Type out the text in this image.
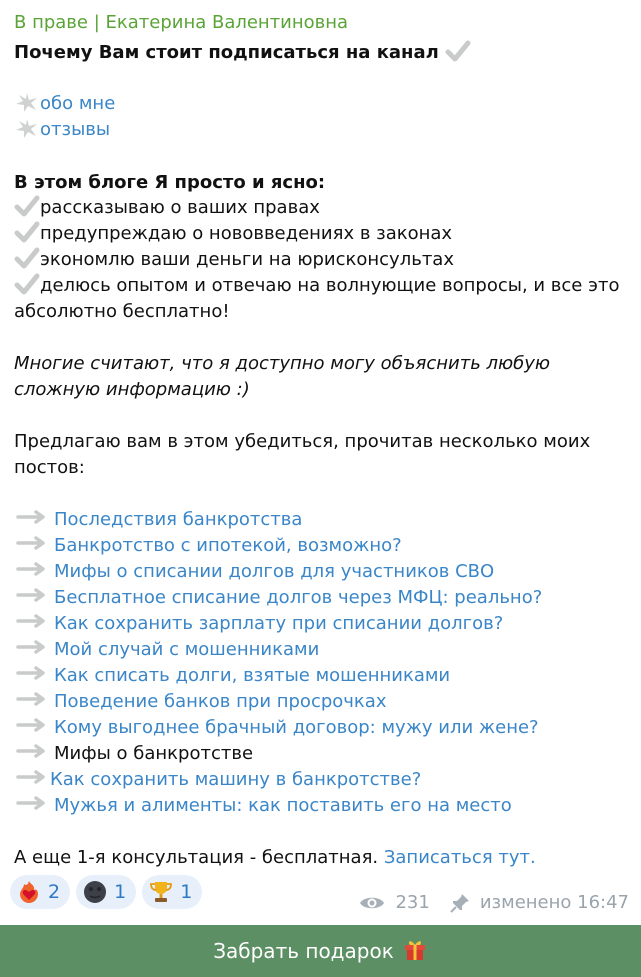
В праве | Екатерина Валентиновна
Почему Вам стоит подписаться на канал
обо мне
отзывы
В этом блоге Я просто и ясно:
рассказываю о ваших правах
предупреждаю о нововведениях в законах
экономлю ваши деньги на юрисконсультах
делюсь опытом и отвечаю на волнующие вопросы, и все это
абсолютно бесплатно!
Многие считают, что я доступно могу объяснить любую
сложную информацию :)
Предлагаю вам в этом убедиться, прочитав несколько моих
постов:
Последствия банкротства
Банкротство с ипотекой, возможно?
Мифы о списании долгов для участников СВО
Бесплатное списание долгов через МФЦ: реально?
Как сохранить зарплату при списании долгов?
Мой случай с мошенниками
Как списать долги, взятые мошенниками
Поведение банков при просрочках
Кому выгоднее брачный договор: мужу или жене?
Мифы о банкротстве
Как сохранить машину в банкротстве?
Мужья и алименты: как поставить его на место
А еще 1-я консультация - бесплатная. Записаться тут.
2	1	1	231	изменено 16:47
Забрать подарок
